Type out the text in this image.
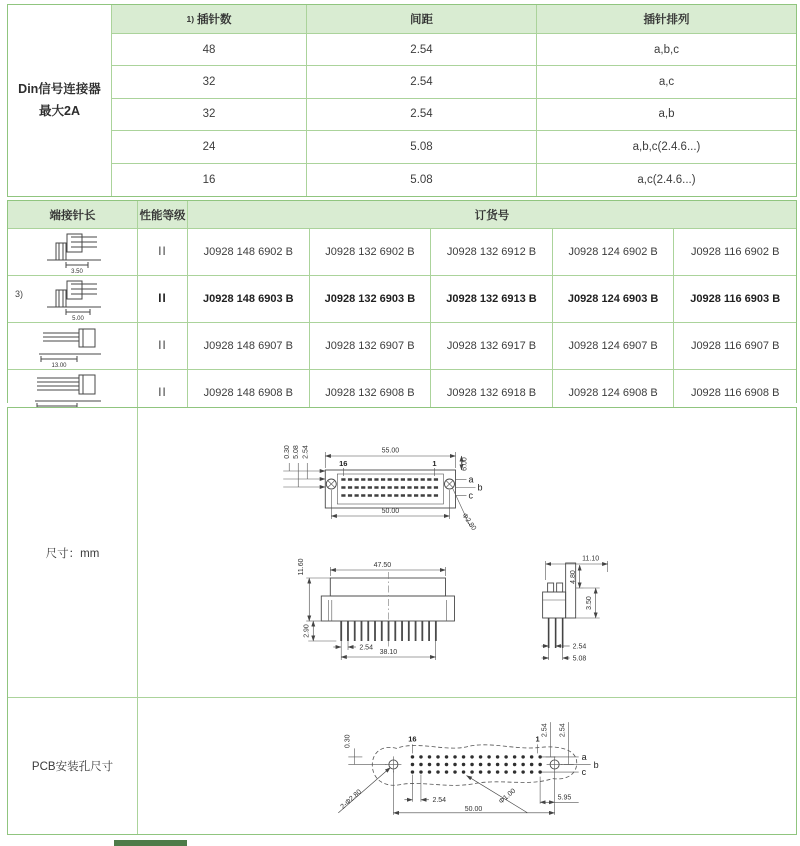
Din信号连接器
最大2A
1) 插针数	间距	插针排列
48	2.54	a,b,c
32	2.54	a,c
32	2.54	a,b
24	5.08	a,b,c(2.4.6...)
16	5.08	a,c(2.4.6...)
端接针长	性能等级	订货号
3.50
II	J0928 148 6902 B	J0928 132 6902 B	J0928 132 6912 B	J0928 124 6902 B	J0928 116 6902 B
3)
5.00
II	J0928 148 6903 B	J0928 132 6903 B	J0928 132 6913 B	J0928 124 6903 B	J0928 116 6903 B
13.00
II	J0928 148 6907 B	J0928 132 6907 B	J0928 132 6917 B	J0928 124 6907 B	J0928 116 6907 B
II	J0928 148 6908 B	J0928 132 6908 B	J0928 132 6918 B	J0928 124 6908 B	J0928 116 6908 B
尺寸：mm
55.00
50.00
16	1	6.00
0.30 5.08 2.54
a
b
c
Φ2.80
47.50
11.60
2.90
2.54
38.10
11.10
4.80
3.50
2.54
5.08
PCB安装孔尺寸
0.30	16	1
2.54 2.54
a
b
c
2-Φ2.80	2.54	Φ1.00	5.95
50.00
